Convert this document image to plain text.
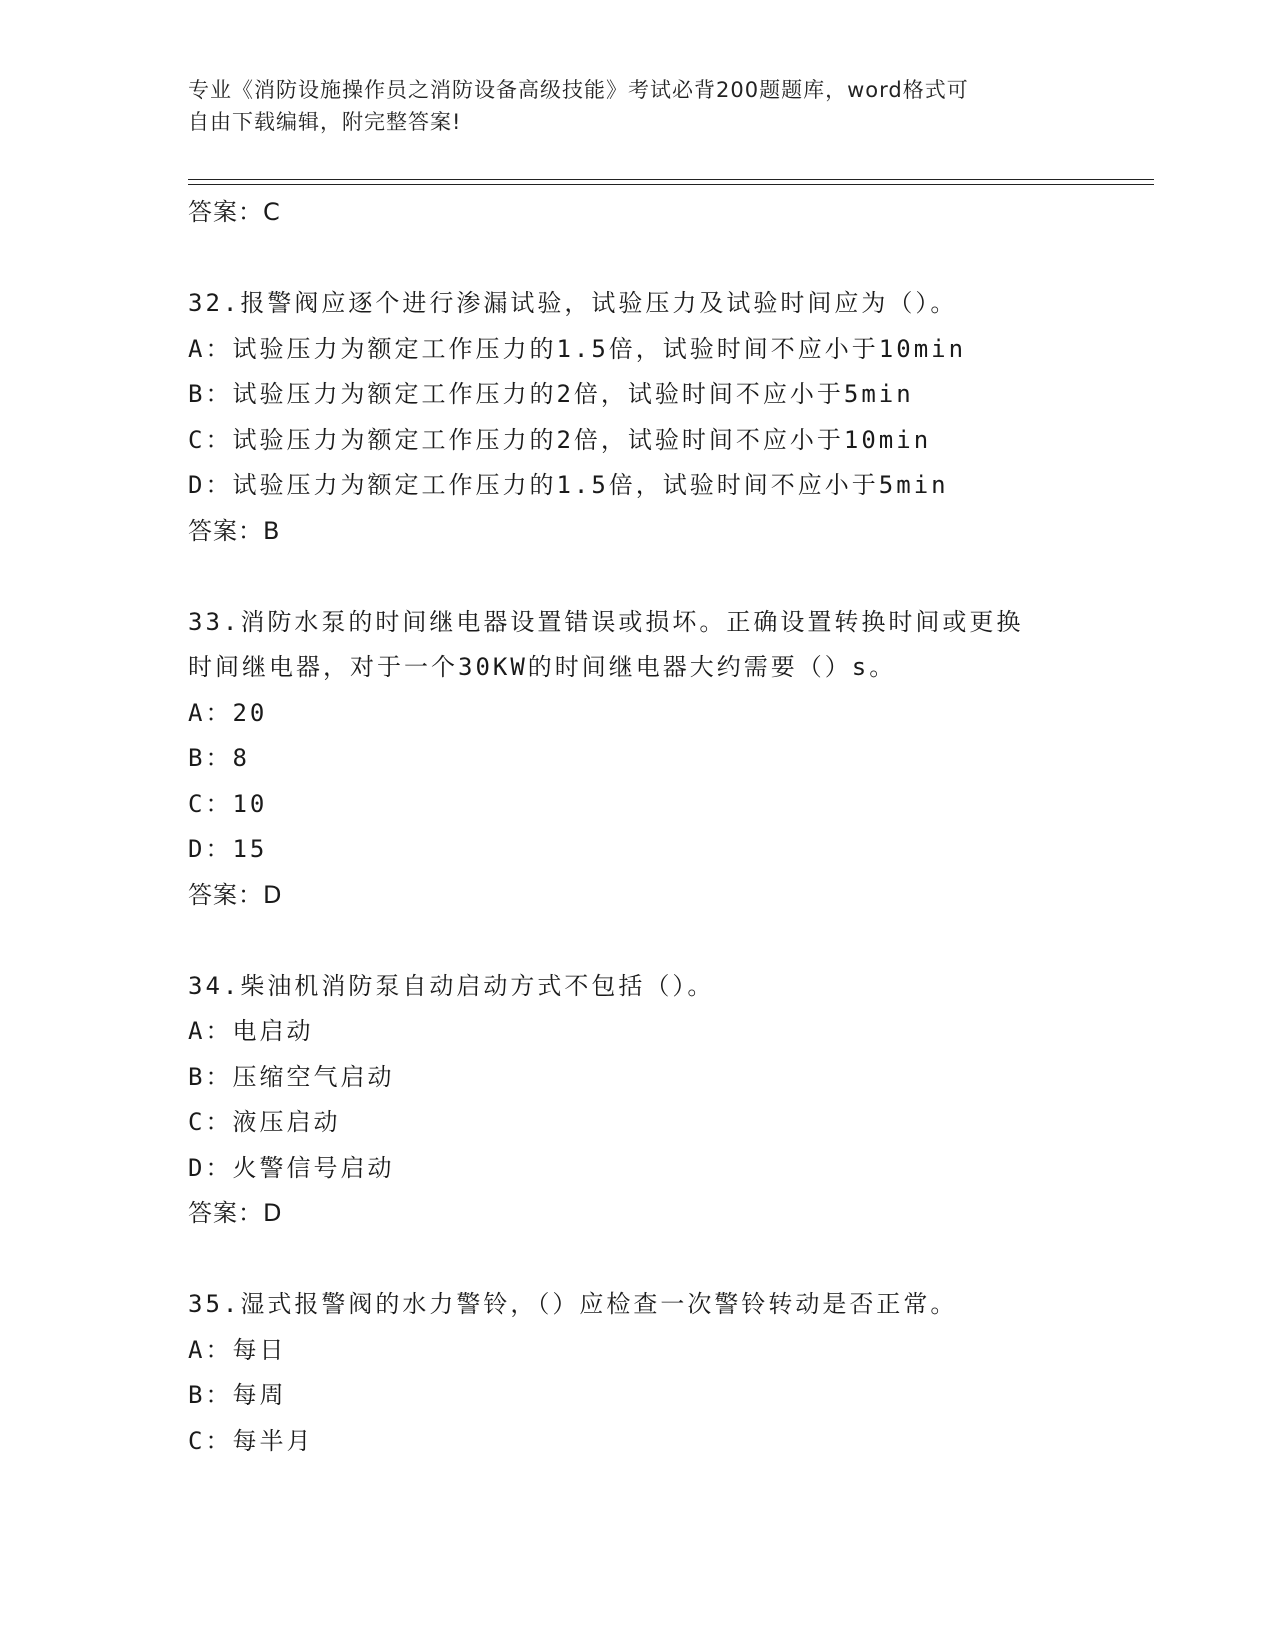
专业《消防设施操作员之消防设备高级技能》考试必背200题题库，word格式可
自由下载编辑，附完整答案!
答案：C
32.报警阀应逐个进行渗漏试验，试验压力及试验时间应为（）。
A：试验压力为额定工作压力的1.5倍，试验时间不应小于10min
B：试验压力为额定工作压力的2倍，试验时间不应小于5min
C：试验压力为额定工作压力的2倍，试验时间不应小于10min
D：试验压力为额定工作压力的1.5倍，试验时间不应小于5min
答案：B
33.消防水泵的时间继电器设置错误或损坏。正确设置转换时间或更换
时间继电器，对于一个30KW的时间继电器大约需要（）s。
A：20
B：8
C：10
D：15
答案：D
34.柴油机消防泵自动启动方式不包括（）。
A：电启动
B：压缩空气启动
C：液压启动
D：火警信号启动
答案：D
35.湿式报警阀的水力警铃，（）应检查一次警铃转动是否正常。
A：每日
B：每周
C：每半月
